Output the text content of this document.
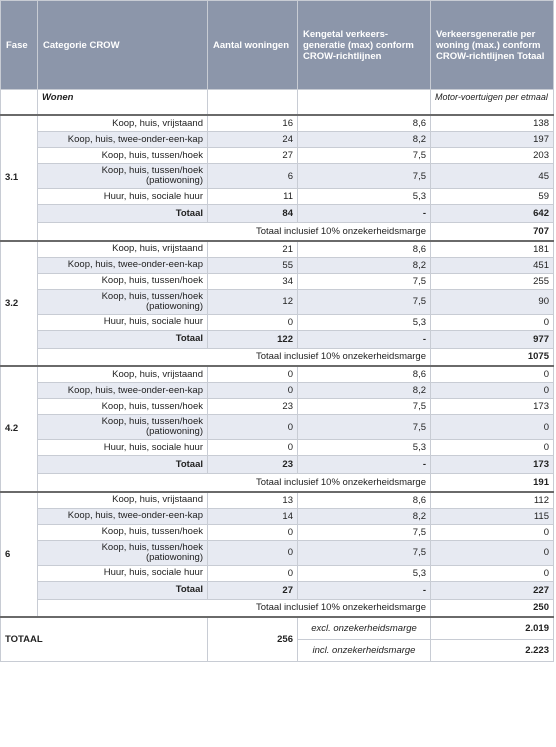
Fase	Categorie CROW	Aantal woningen	Kengetal verkeers-generatie (max) conform CROW-richtlijnen	Verkeersgeneratie per woning (max.) conform CROW-richtlijnen Totaal
	Wonen			Motor-voertuigen per etmaal
3.1	Koop, huis, vrijstaand	16	8,6	138
	Koop, huis, twee-onder-een-kap	24	8,2	197
	Koop, huis, tussen/hoek	27	7,5	203
	Koop, huis, tussen/hoek (patiowoning)	6	7,5	45
	Huur, huis, sociale huur	11	5,3	59
	Totaal	84	-	642
	Totaal inclusief 10% onzekerheidsmarge			707
3.2	Koop, huis, vrijstaand	21	8,6	181
	Koop, huis, twee-onder-een-kap	55	8,2	451
	Koop, huis, tussen/hoek	34	7,5	255
	Koop, huis, tussen/hoek (patiowoning)	12	7,5	90
	Huur, huis, sociale huur	0	5,3	0
	Totaal	122	-	977
	Totaal inclusief 10% onzekerheidsmarge			1075
4.2	Koop, huis, vrijstaand	0	8,6	0
	Koop, huis, twee-onder-een-kap	0	8,2	0
	Koop, huis, tussen/hoek	23	7,5	173
	Koop, huis, tussen/hoek (patiowoning)	0	7,5	0
	Huur, huis, sociale huur	0	5,3	0
	Totaal	23	-	173
	Totaal inclusief 10% onzekerheidsmarge			191
6	Koop, huis, vrijstaand	13	8,6	112
	Koop, huis, twee-onder-een-kap	14	8,2	115
	Koop, huis, tussen/hoek	0	7,5	0
	Koop, huis, tussen/hoek (patiowoning)	0	7,5	0
	Huur, huis, sociale huur	0	5,3	0
	Totaal	27	-	227
	Totaal inclusief 10% onzekerheidsmarge			250
TOTAAL		256	excl. onzekerheidsmarge	2.019
			incl. onzekerheidsmarge	2.223
